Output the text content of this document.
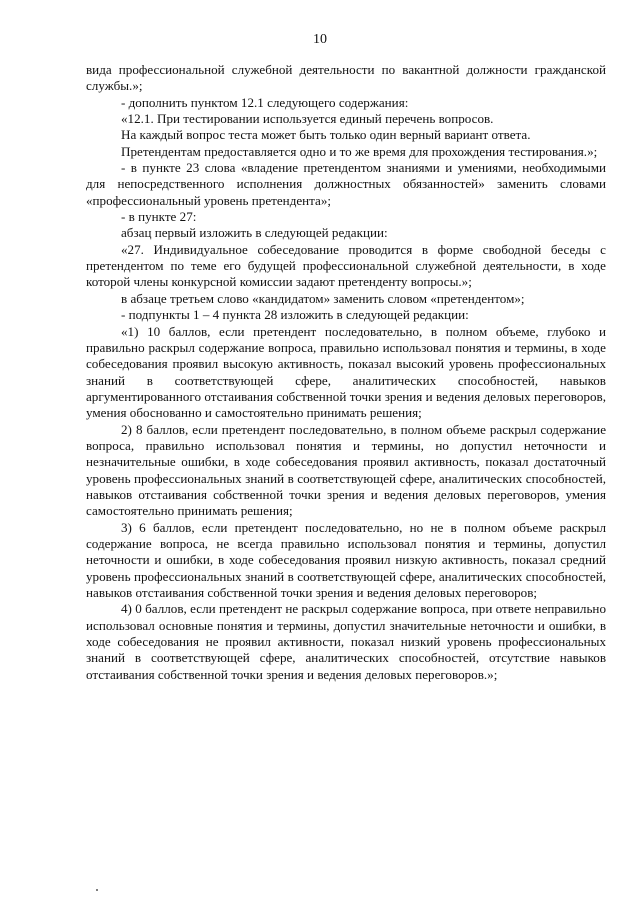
10

вида профессиональной служебной деятельности по вакантной должности гражданской службы.»;

- дополнить пунктом 12.1 следующего содержания:

«12.1. При тестировании используется единый перечень вопросов.

На каждый вопрос теста может быть только один верный вариант ответа.

Претендентам предоставляется одно и то же время для прохождения тестирования.»;

- в пункте 23 слова «владение претендентом знаниями и умениями, необходимыми для непосредственного исполнения должностных обязанностей» заменить словами «профессиональный уровень претендента»;

- в пункте 27:

абзац первый изложить в следующей редакции:

«27. Индивидуальное собеседование проводится в форме свободной беседы с претендентом по теме его будущей профессиональной служебной деятельности, в ходе которой члены конкурсной комиссии задают претенденту вопросы.»;

в абзаце третьем слово «кандидатом» заменить словом «претендентом»;

- подпункты 1 – 4 пункта 28 изложить в следующей редакции:

«1) 10 баллов, если претендент последовательно, в полном объеме, глубоко и правильно раскрыл содержание вопроса, правильно использовал понятия и термины, в ходе собеседования проявил высокую активность, показал высокий уровень профессиональных знаний в соответствующей сфере, аналитических способностей, навыков аргументированного отстаивания собственной точки зрения и ведения деловых переговоров, умения обоснованно и самостоятельно принимать решения;

2) 8 баллов, если претендент последовательно, в полном объеме раскрыл содержание вопроса, правильно использовал понятия и термины, но допустил неточности и незначительные ошибки, в ходе собеседования проявил активность, показал достаточный уровень профессиональных знаний в соответствующей сфере, аналитических способностей, навыков отстаивания собственной точки зрения и ведения деловых переговоров, умения самостоятельно принимать решения;

3) 6 баллов, если претендент последовательно, но не в полном объеме раскрыл содержание вопроса, не всегда правильно использовал понятия и термины, допустил неточности и ошибки, в ходе собеседования проявил низкую активность, показал средний уровень профессиональных знаний в соответствующей сфере, аналитических способностей, навыков отстаивания собственной точки зрения и ведения деловых переговоров;

4) 0 баллов, если претендент не раскрыл содержание вопроса, при ответе неправильно использовал основные понятия и термины, допустил значительные неточности и ошибки, в ходе собеседования не проявил активности, показал низкий уровень профессиональных знаний в соответствующей сфере, аналитических способностей, отсутствие навыков отстаивания собственной точки зрения и ведения деловых переговоров.»;
